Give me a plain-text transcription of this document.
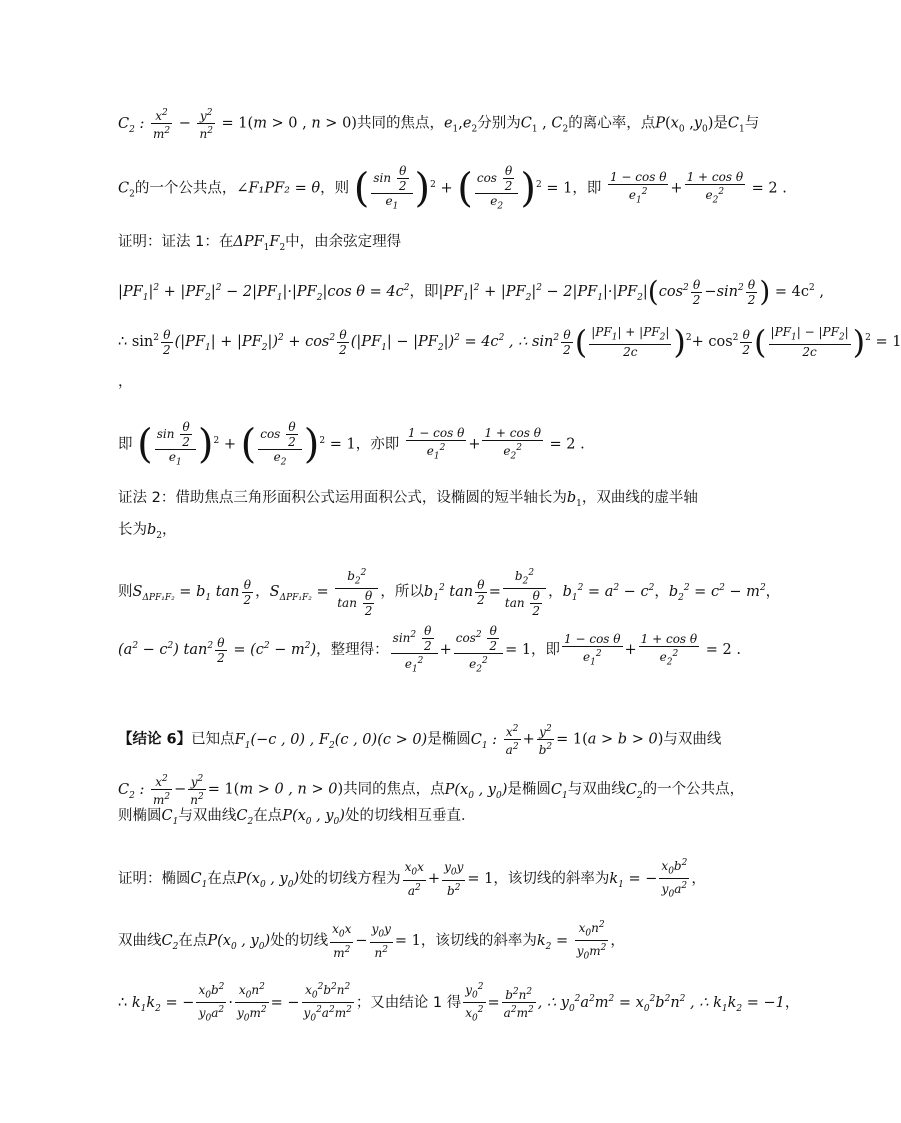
$C_2$ : $\frac{x^2}{m^2} - \frac{y^2}{n^2} = 1(m > 0$ , n > 0)共同的焦点，$e_1,e_2$分别为$C_1$ , $C_2$的离心率，点$P(x_0$ $,y_0$)是$C_1$与
$C_2$的一个公共点，∠F₁PF₂ = θ，则 ( $\frac{\sin \frac{\theta}{2}}{e_1} )^2$ + ( $\frac{\cos \frac{\theta}{2}}{e_2} )^2 = 1$，即 $\frac{\text{1 − cos θ}}{e_1^2} + \frac{\text{1 + cos θ}}{e_2^2} = 2$ .
证明：证法 1：在$\Delta PF_1F_2$中，由余弦定理得
$|PF_1|^2 + |PF_2|^2 - 2|PF_1|\cdot|PF_2|\cos$ $\theta = 4c^2$，即$|PF_1|^2 + |PF_2|^2 - 2|PF_1|\cdot|PF_2|(\cos^2 \frac{\theta}{2} -\sin^2 \frac{\theta}{2}$ ) = $4c^2$ ,
∴ $\sin^2 \frac{\theta}{2} (|PF_1| + |PF_2|)^2 + \cos^2 \frac{\theta}{2} (|PF_1| - |PF_2|)^2 = 4c^2$ , ∴ $\sin^2 \frac{\theta}{2}$ ( $\frac{|PF_1| + |PF_2|}{2c} )^2+ \cos^2 \frac{\theta}{2}$ ( $\frac{|PF_1| - |PF_2|}{2c} )^2 = 1$
，
即 ( $\frac{\sin \frac{\theta}{2}}{e_1} )^2$ + ( $\frac{\cos \frac{\theta}{2}}{e_2} )^2 = 1$，亦即 $\frac{\text{1 − cos θ}}{e_1^2} + \frac{\text{1 + cos θ}}{e_2^2} = 2$ .
证法 2：借助焦点三角形面积公式运用面积公式，设椭圆的短半轴长为$b_1$，双曲线的虚半轴
长为$b_2$，
则$S_{\Delta PF_1F_2} = b_1$ $\tan \frac{\theta}{2}$ ，$S_{\Delta PF_1F_2} = \frac{b_2^2}{\tan \frac{\theta}{2}}$ ，所以$b_1^2$ $\tan \frac{\theta}{2} = \frac{b_2^2}{\tan \frac{\theta}{2}}$ ，$b_1^2 = a^2 - c^2$，$b_2^2 = c^2 - m^2$，
$(a^2 - c^2)$ $\tan^2 \frac{\theta}{2} = (c^2 - m^2)$，整理得： $\frac{\sin^2 \frac{\theta}{2}}{e_1^2} + \frac{\cos^2 \frac{\theta}{2}}{e_2^2} = 1$，即 $\frac{\text{1 − cos θ}}{e_1^2} + \frac{\text{1 + cos θ}}{e_2^2} = 2$ .
【结论 6】已知点$F_1(-c$ , 0) , $F_2(c$ , 0)(c > 0)是椭圆$C_1$ : $\frac{x^2}{a^2} + \frac{y^2}{b^2} = 1(a > b > 0)$与双曲线
$C_2$ : $\frac{x^2}{m^2} - \frac{y^2}{n^2} = 1(m > 0$ , n > 0)共同的焦点，点$P(x_0$ , $y_0$)是椭圆$C_1$与双曲线$C_2$的一个公共点，
则椭圆$C_1$与双曲线$C_2$在点$P(x_0$ , $y_0$)处的切线相互垂直．
证明：椭圆$C_1$在点$P(x_0$ , $y_0$)处的切线方程为 $\frac{x_0x}{a^2} + \frac{y_0y}{b^2} = 1$，该切线的斜率为$k_1$ = − $\frac{x_0b^2}{y_0a^2}$ ，
双曲线$C_2$在点$P(x_0$ , $y_0$)处的切线 $\frac{x_0x}{m^2} - \frac{y_0y}{n^2} = 1$，该切线的斜率为$k_2 = \frac{x_0n^2}{y_0m^2}$ ，
∴ $k_1k_2$ = − $\frac{x_0b^2}{y_0a^2} \cdot \frac{x_0n^2}{y_0m^2}$ = − $\frac{x_0^2b^2n^2}{y_0^2a^2m^2}$ ；又由结论 1 得 $\frac{y_0^2}{x_0^2} = \frac{b^2n^2}{a^2m^2}$ , ∴ $y_0^2a^2m^2 = x_0^2b^2n^2$ , ∴ $k_1k_2 = -1$，
